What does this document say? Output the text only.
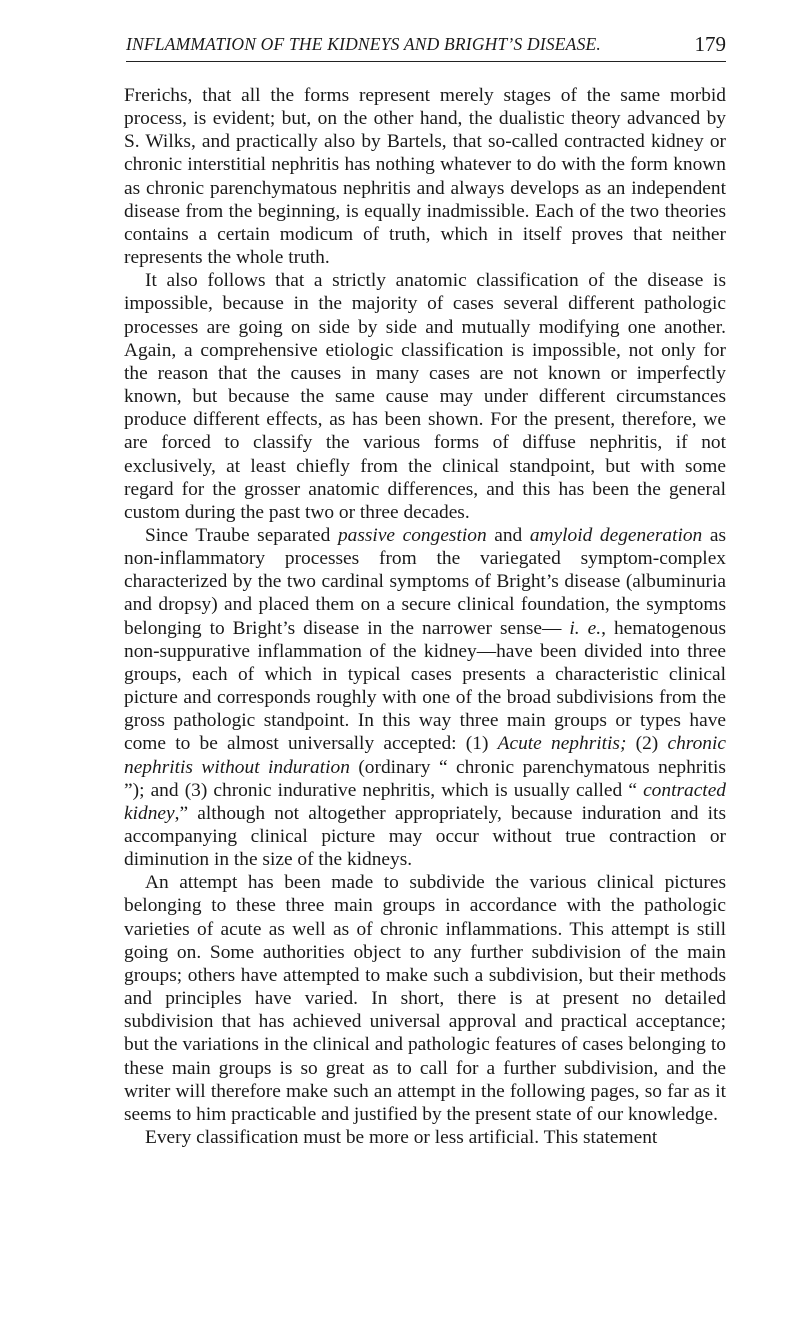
INFLAMMATION OF THE KIDNEYS AND BRIGHT’S DISEASE.	179

Frerichs, that all the forms represent merely stages of the same morbid process, is evident; but, on the other hand, the dualistic theory advanced by S. Wilks, and practically also by Bartels, that so-called contracted kidney or chronic interstitial nephritis has nothing whatever to do with the form known as chronic parenchymatous nephritis and always develops as an independent disease from the beginning, is equally inadmissible. Each of the two theories contains a certain modicum of truth, which in itself proves that neither represents the whole truth.

It also follows that a strictly anatomic classification of the disease is impossible, because in the majority of cases several different pathologic processes are going on side by side and mutually modifying one another. Again, a comprehensive etiologic classification is impossible, not only for the reason that the causes in many cases are not known or imperfectly known, but because the same cause may under different circumstances produce different effects, as has been shown. For the present, therefore, we are forced to classify the various forms of diffuse nephritis, if not exclusively, at least chiefly from the clinical standpoint, but with some regard for the grosser anatomic differences, and this has been the general custom during the past two or three decades.

Since Traube separated passive congestion and amyloid degeneration as non-inflammatory processes from the variegated symptom-complex characterized by the two cardinal symptoms of Bright’s disease (albuminuria and dropsy) and placed them on a secure clinical foundation, the symptoms belonging to Bright’s disease in the narrower sense— i. e., hematogenous non-suppurative inflammation of the kidney—have been divided into three groups, each of which in typical cases presents a characteristic clinical picture and corresponds roughly with one of the broad subdivisions from the gross pathologic standpoint. In this way three main groups or types have come to be almost universally accepted: (1) Acute nephritis; (2) chronic nephritis without induration (ordinary “ chronic parenchymatous nephritis ”); and (3) chronic indurative nephritis, which is usually called “ contracted kidney,” although not altogether appropriately, because induration and its accompanying clinical picture may occur without true contraction or diminution in the size of the kidneys.

An attempt has been made to subdivide the various clinical pictures belonging to these three main groups in accordance with the pathologic varieties of acute as well as of chronic inflammations. This attempt is still going on. Some authorities object to any further subdivision of the main groups; others have attempted to make such a subdivision, but their methods and principles have varied. In short, there is at present no detailed subdivision that has achieved universal approval and practical acceptance; but the variations in the clinical and pathologic features of cases belonging to these main groups is so great as to call for a further subdivision, and the writer will therefore make such an attempt in the following pages, so far as it seems to him practicable and justified by the present state of our knowledge.

Every classification must be more or less artificial. This statement
